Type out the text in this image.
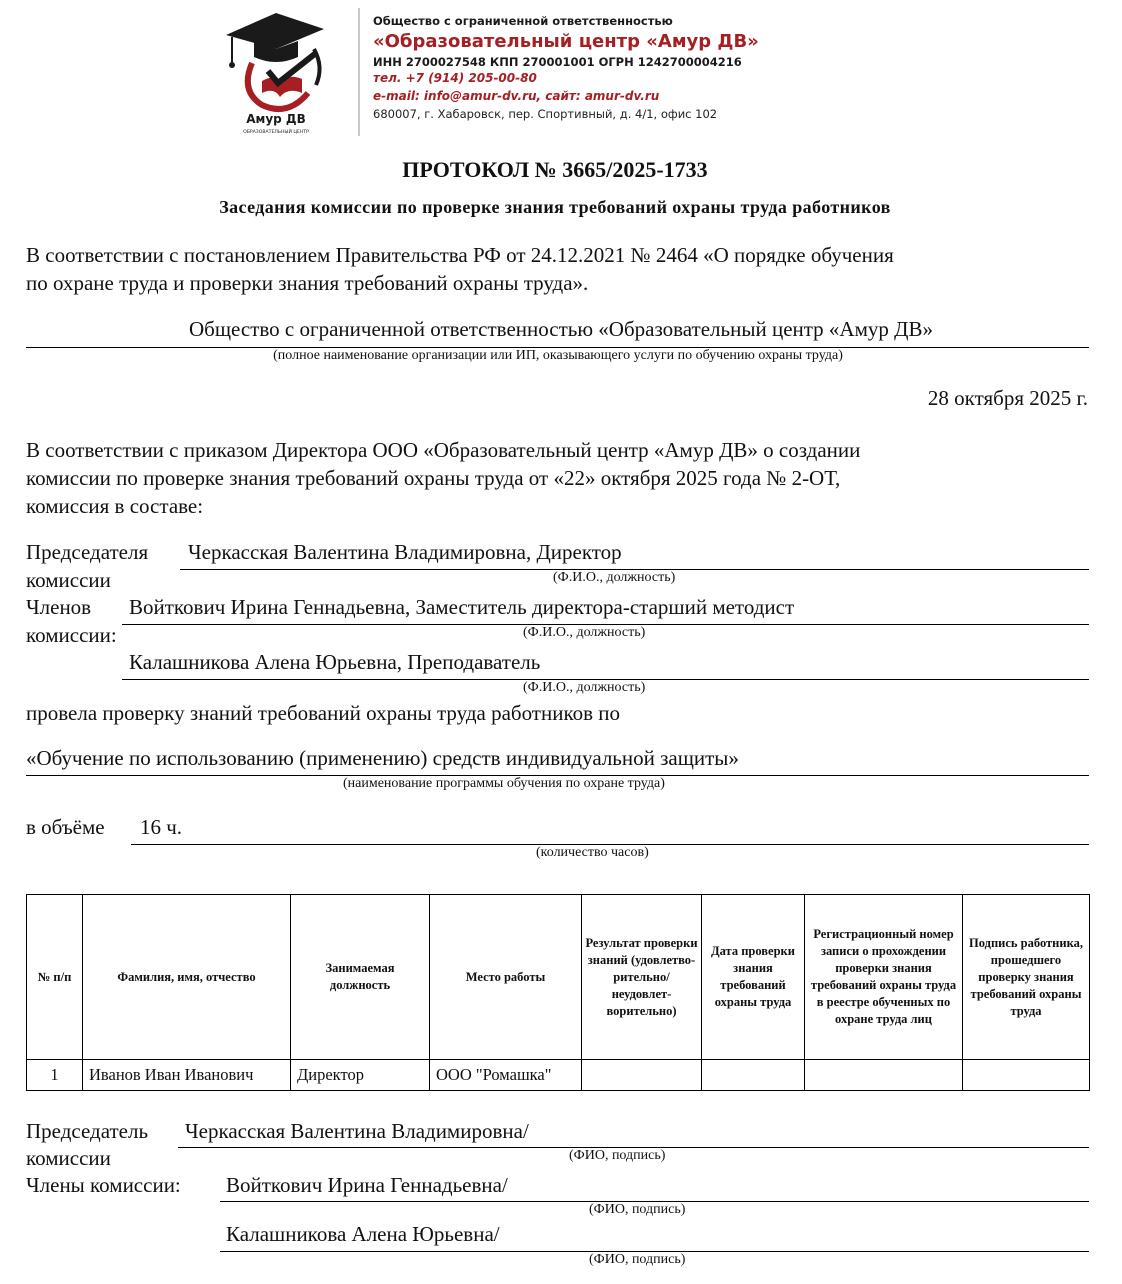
Амур ДВ
ОБРАЗОВАТЕЛЬНЫЙ ЦЕНТР
Общество с ограниченной ответственностью
«Образовательный центр «Амур ДВ»
ИНН 2700027548 КПП 270001001 ОГРН 1242700004216
тел. +7 (914) 205-00-80
e-mail: info@amur-dv.ru, сайт: amur-dv.ru
680007, г. Хабаровск, пер. Спортивный, д. 4/1, офис 102
ПРОТОКОЛ № 3665/2025-1733
Заседания комиссии по проверке знания требований охраны труда работников
В соответствии с постановлением Правительства РФ от 24.12.2021 № 2464 «О порядке обучения
по охране труда и проверки знания требований охраны труда».
Общество с ограниченной ответственностью «Образовательный центр «Амур ДВ»
(полное наименование организации или ИП, оказывающего услуги по обучению охраны труда)
28 октября 2025 г.
В соответствии с приказом Директора ООО «Образовательный центр «Амур ДВ» о создании
комиссии по проверке знания требований охраны труда от «22» октября 2025 года № 2-ОТ,
комиссия в составе:
Председателя
комиссии
Черкасская Валентина Владимировна, Директор
(Ф.И.О., должность)
Членов
комиссии:
Войткович Ирина Геннадьевна, Заместитель директора-старший методист
(Ф.И.О., должность)
Калашникова Алена Юрьевна, Преподаватель
(Ф.И.О., должность)
провела проверку знаний требований охраны труда работников по
«Обучение по использованию (применению) средств индивидуальной защиты»
(наименование программы обучения по охране труда)
в объёме 16 ч.
(количество часов)
№ п/п	Фамилия, имя, отчество	Занимаемая должность	Место работы	Результат проверки знаний (удовлетво-рительно/ неудовлет-ворительно)	Дата проверки знания требований охраны труда	Регистрационный номер записи о прохождении проверки знания требований охраны труда в реестре обученных по охране труда лиц	Подпись работника, прошедшего проверку знания требований охраны труда
1	Иванов Иван Иванович	Директор	ООО "Ромашка"				
Председатель
комиссии
Черкасская Валентина Владимировна/
(ФИО, подпись)
Члены комиссии: Войткович Ирина Геннадьевна/
(ФИО, подпись)
Калашникова Алена Юрьевна/
(ФИО, подпись)
